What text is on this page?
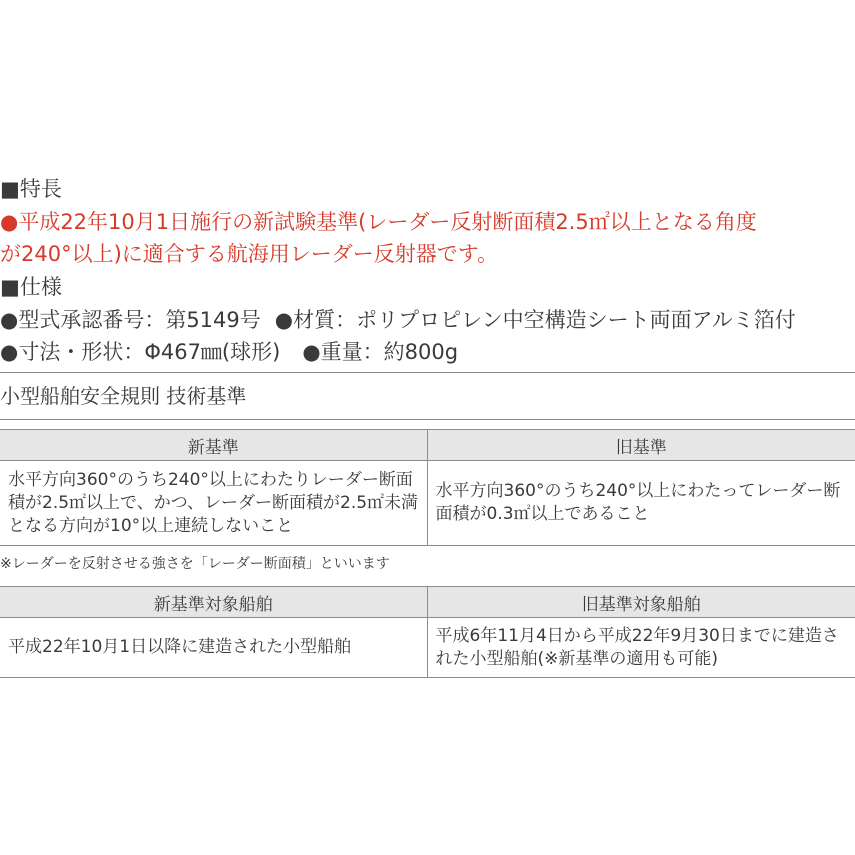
■特長
●平成22年10月1日施行の新試験基準(レーダー反射断面積2.5㎡以上となる角度
が240°以上)に適合する航海用レーダー反射器です。
■仕様
●型式承認番号：第5149号 ●材質：ポリプロピレン中空構造シート両面アルミ箔付
●寸法・形状：Φ467㎜(球形) ●重量：約800g
小型船舶安全規則 技術基準
新基準	旧基準
水平方向360°のうち240°以上にわたりレーダー断面積が2.5㎡以上で、かつ、レーダー断面積が2.5㎡未満となる方向が10°以上連続しないこと	水平方向360°のうち240°以上にわたってレーダー断面積が0.3㎡以上であること
※レーダーを反射させる強さを「レーダー断面積」といいます
新基準対象船舶	旧基準対象船舶
平成22年10月1日以降に建造された小型船舶	平成6年11月4日から平成22年9月30日までに建造された小型船舶(※新基準の適用も可能)
